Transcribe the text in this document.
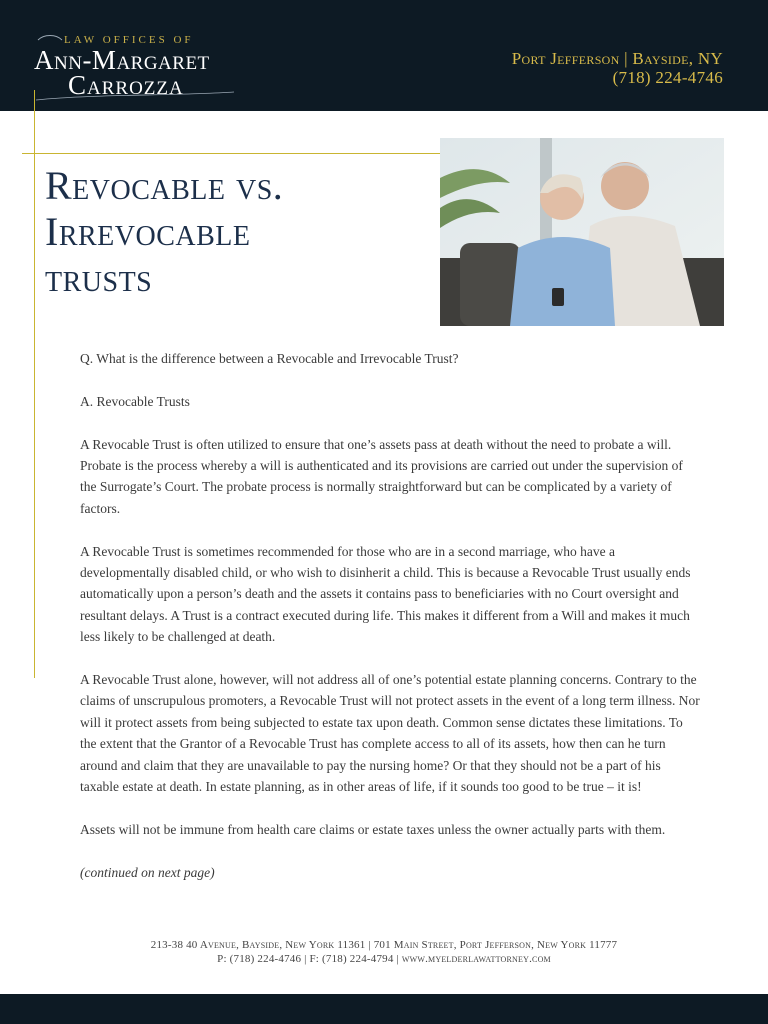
LAW OFFICES OF
Ann-Margaret
Carrozza
Port Jefferson | Bayside, NY
(718) 224-4746
Revocable vs.
Irrevocable
trusts

Q. What is the difference between a Revocable and Irrevocable Trust?

A. Revocable Trusts

A Revocable Trust is often utilized to ensure that one’s assets pass at death without the need to probate a will. Probate is the process whereby a will is authenticated and its provisions are carried out under the supervision of the Surrogate’s Court. The probate process is normally straightforward but can be complicated by a variety of factors.

A Revocable Trust is sometimes recommended for those who are in a second marriage, who have a developmentally disabled child, or who wish to disinherit a child. This is because a Revocable Trust usually ends automatically upon a person’s death and the assets it contains pass to beneficiaries with no Court oversight and resultant delays. A Trust is a contract executed during life. This makes it different from a Will and makes it much less likely to be challenged at death.

A Revocable Trust alone, however, will not address all of one’s potential estate planning concerns. Contrary to the claims of unscrupulous promoters, a Revocable Trust will not protect assets in the event of a long term illness. Nor will it protect assets from being subjected to estate tax upon death. Common sense dictates these limitations. To the extent that the Grantor of a Revocable Trust has complete access to all of its assets, how then can he turn around and claim that they are unavailable to pay the nursing home? Or that they should not be a part of his taxable estate at death. In estate planning, as in other areas of life, if it sounds too good to be true – it is!

Assets will not be immune from health care claims or estate taxes unless the owner actually parts with them.

(continued on next page)

213-38 40 Avenue, Bayside, New York 11361 | 701 Main Street, Port Jefferson, New York 11777
P: (718) 224-4746 | F: (718) 224-4794 | www.myelderlawattorney.com
